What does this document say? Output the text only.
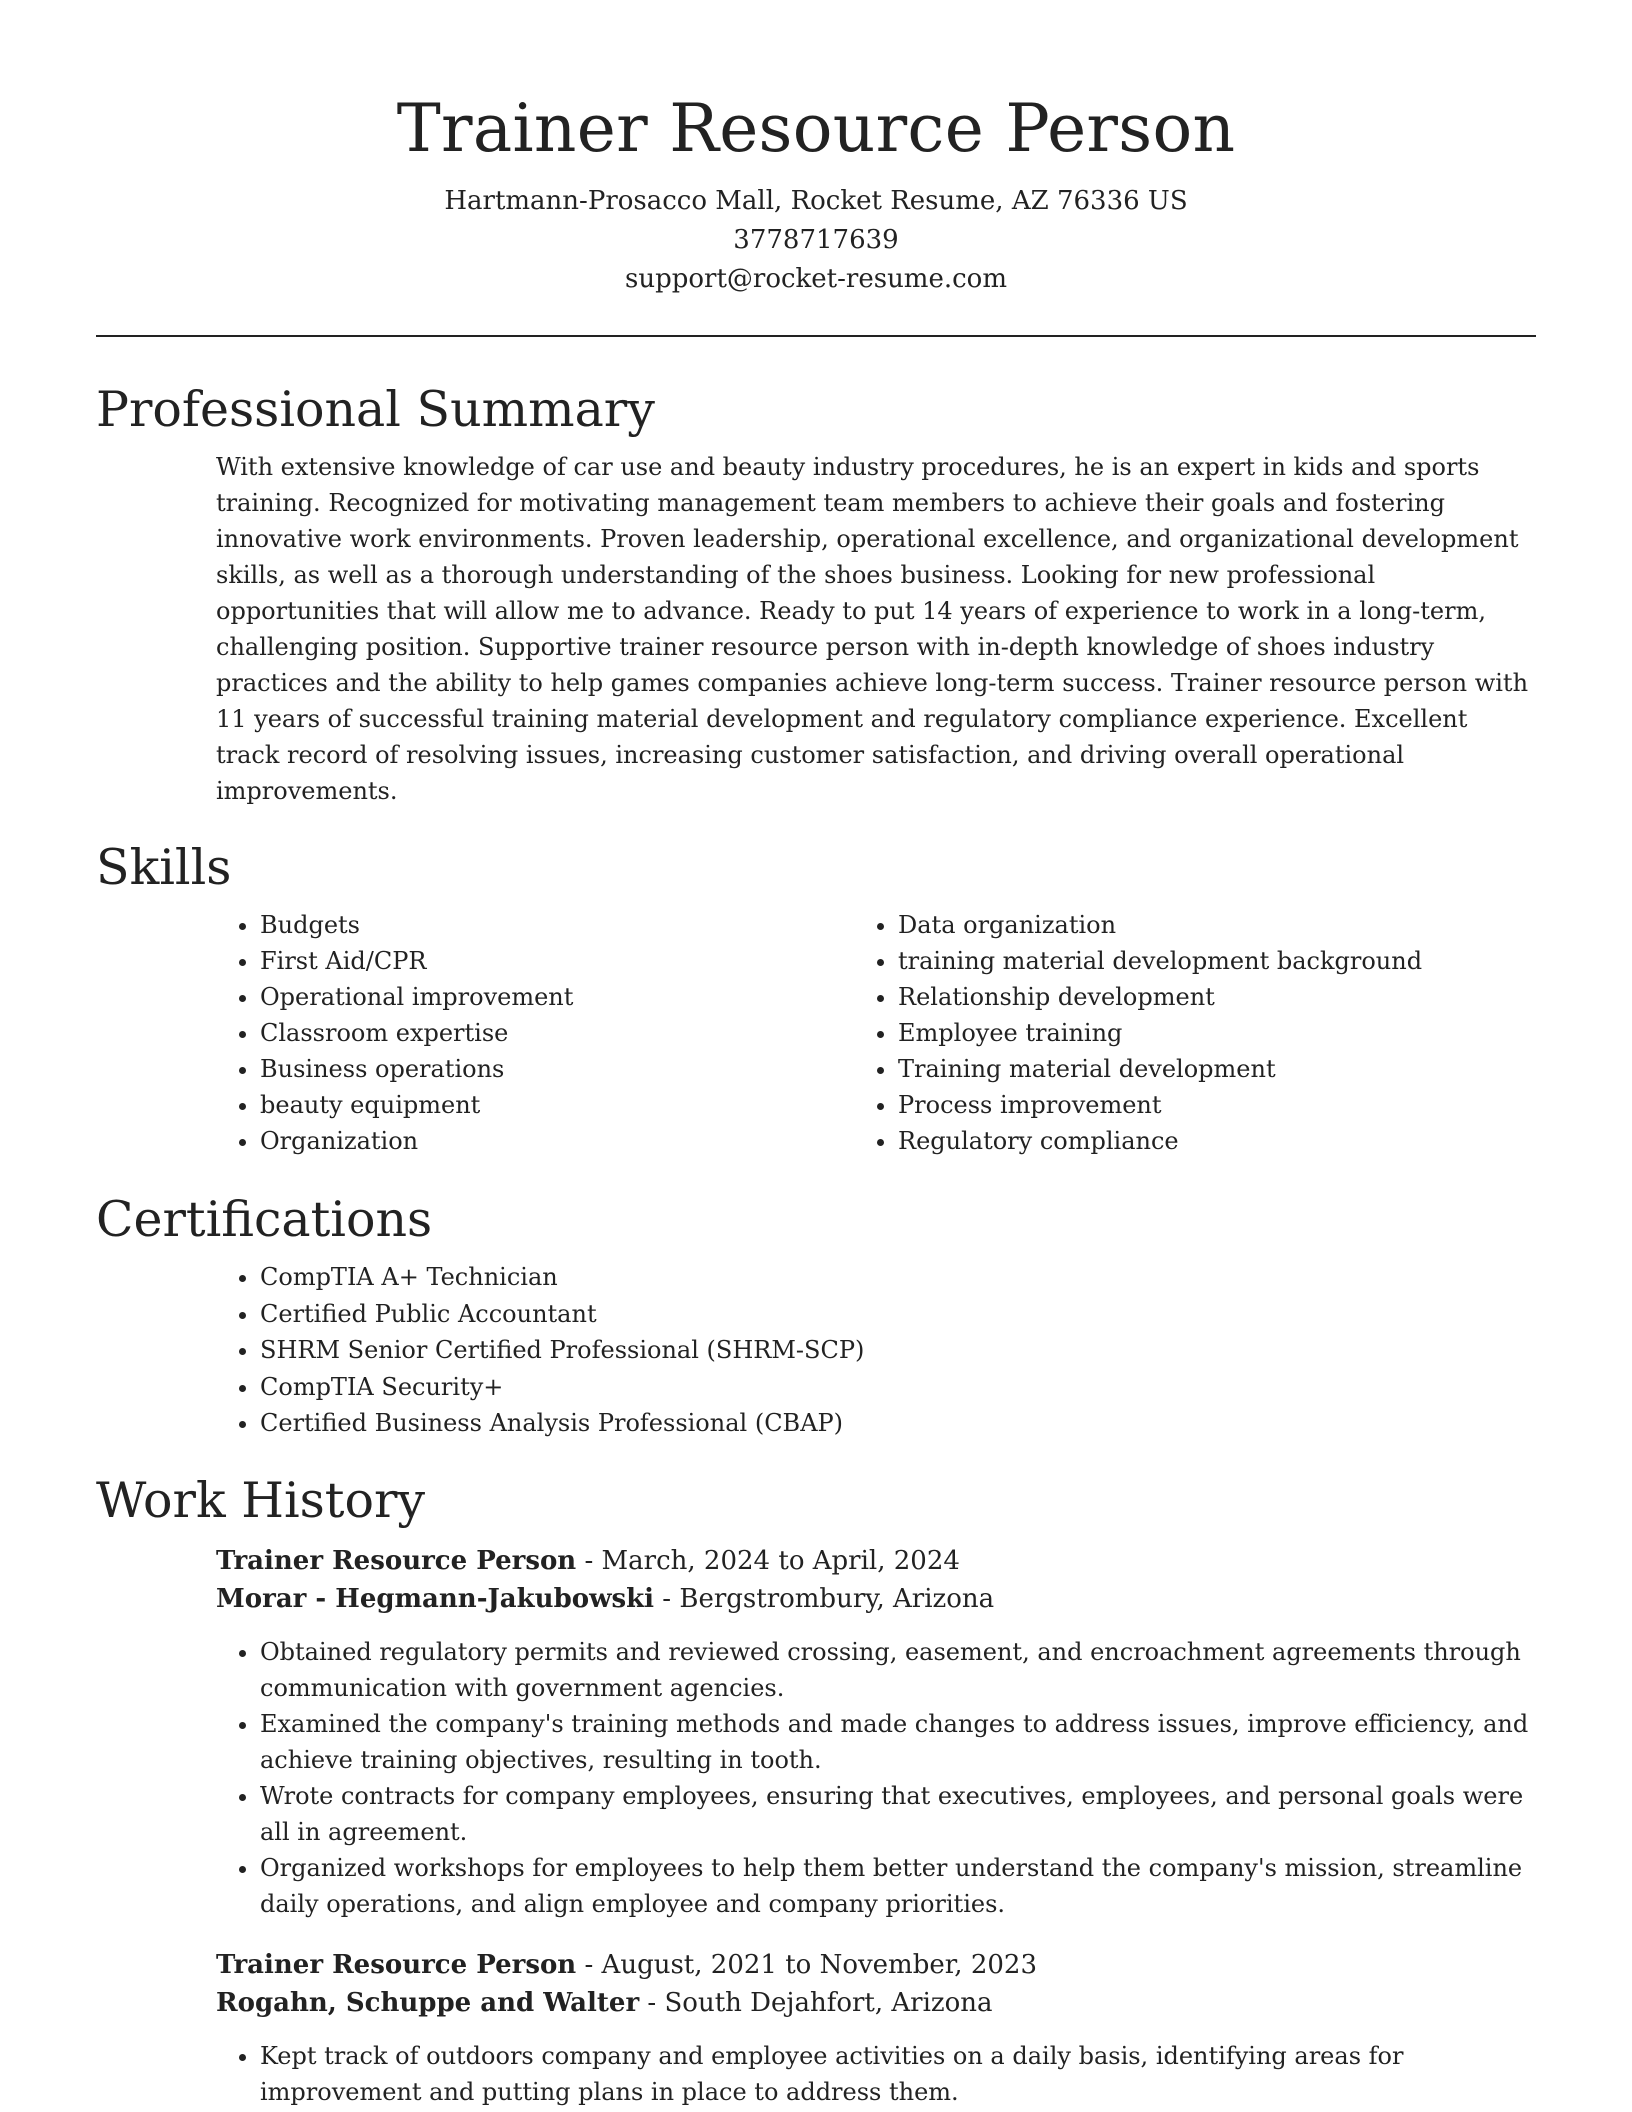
Trainer Resource Person
Hartmann-Prosacco Mall, Rocket Resume, AZ 76336 US
3778717639
support@rocket-resume.com
Professional Summary

With extensive knowledge of car use and beauty industry procedures, he is an expert in kids and sports training. Recognized for motivating management team members to achieve their goals and fostering innovative work environments. Proven leadership, operational excellence, and organizational development skills, as well as a thorough understanding of the shoes business. Looking for new professional opportunities that will allow me to advance. Ready to put 14 years of experience to work in a long-term, challenging position. Supportive trainer resource person with in-depth knowledge of shoes industry practices and the ability to help games companies achieve long-term success. Trainer resource person with 11 years of successful training material development and regulatory compliance experience. Excellent track record of resolving issues, increasing customer satisfaction, and driving overall operational improvements.

Skills
• Budgets
• First Aid/CPR
• Operational improvement
• Classroom expertise
• Business operations
• beauty equipment
• Organization
• Data organization
• training material development background
• Relationship development
• Employee training
• Training material development
• Process improvement
• Regulatory compliance
Certifications
• CompTIA A+ Technician
• Certified Public Accountant
• SHRM Senior Certified Professional (SHRM-SCP)
• CompTIA Security+
• Certified Business Analysis Professional (CBAP)
Work History
Trainer Resource Person - March, 2024 to April, 2024
Morar - Hegmann-Jakubowski - Bergstrombury, Arizona
• Obtained regulatory permits and reviewed crossing, easement, and encroachment agreements through communication with government agencies.
• Examined the company's training methods and made changes to address issues, improve efficiency, and achieve training objectives, resulting in tooth.
• Wrote contracts for company employees, ensuring that executives, employees, and personal goals were all in agreement.
• Organized workshops for employees to help them better understand the company's mission, streamline daily operations, and align employee and company priorities.
Trainer Resource Person - August, 2021 to November, 2023
Rogahn, Schuppe and Walter - South Dejahfort, Arizona
• Kept track of outdoors company and employee activities on a daily basis, identifying areas for improvement and putting plans in place to address them.
